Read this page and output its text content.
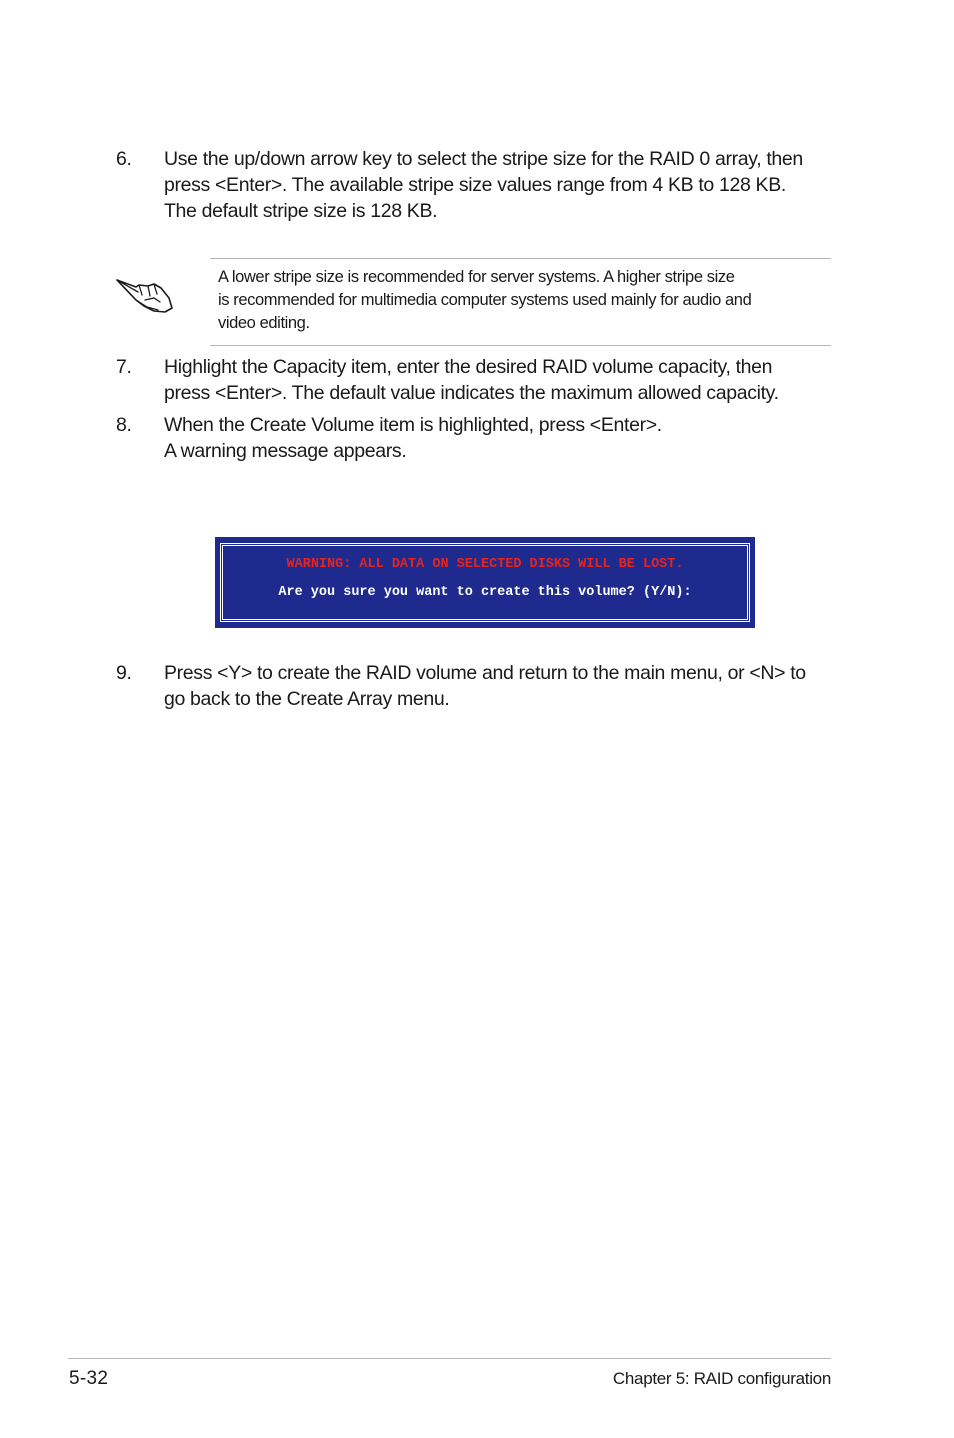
6. Use the up/down arrow key to select the stripe size for the RAID 0 array, then
press <Enter>. The available stripe size values range from 4 KB to 128 KB.
The default stripe size is 128 KB.
A lower stripe size is recommended for server systems. A higher stripe size
is recommended for multimedia computer systems used mainly for audio and
video editing.
7. Highlight the Capacity item, enter the desired RAID volume capacity, then
press <Enter>. The default value indicates the maximum allowed capacity.
8. When the Create Volume item is highlighted, press <Enter>.
A warning message appears.
WARNING: ALL DATA ON SELECTED DISKS WILL BE LOST.
Are you sure you want to create this volume? (Y/N):
9. Press <Y> to create the RAID volume and return to the main menu, or <N> to
go back to the Create Array menu.
5-32	Chapter 5: RAID configuration
